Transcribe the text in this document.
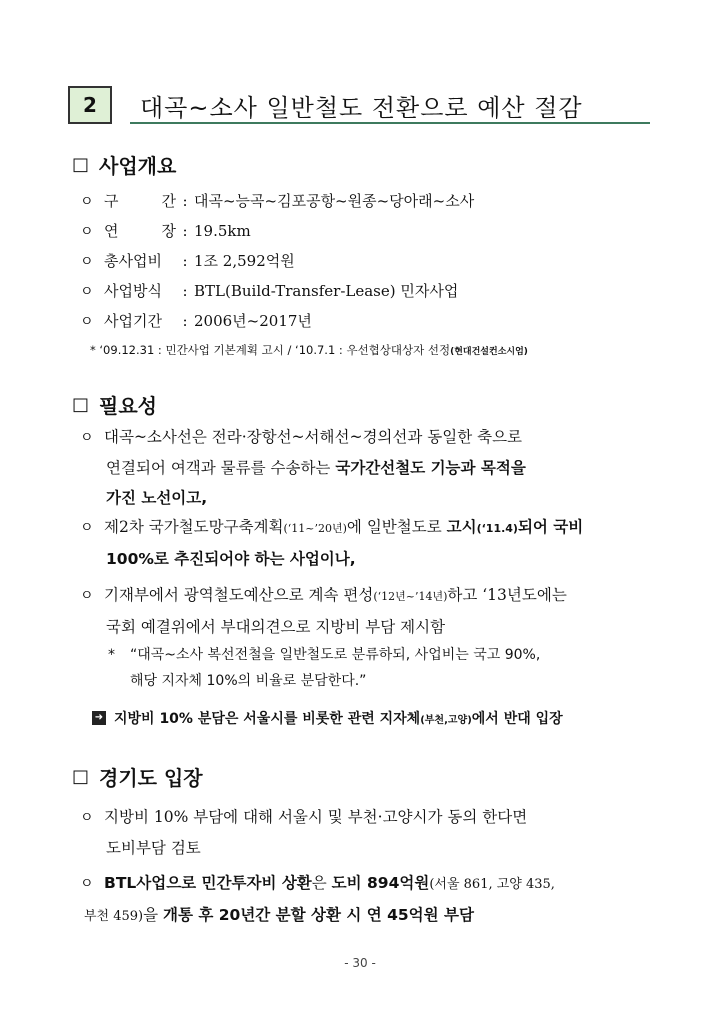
2	대곡~소사 일반철도 전환으로 예산 절감
□ 사업개요
ㅇ 구 간 : 대곡~능곡~김포공항~원종~당아래~소사
ㅇ 연 장 : 19.5km
ㅇ 총사업비	: 1조 2,592억원
ㅇ 사업방식	: BTL(Build-Transfer-Lease) 민자사업
ㅇ 사업기간	: 2006년~2017년
* ‘09.12.31 : 민간사업 기본계획 고시 / ‘10.7.1 : 우선협상대상자 선정(현대건설컨소시엄)
□ 필요성
ㅇ 대곡~소사선은 전라·장항선~서해선~경의선과 동일한 축으로
연결되어 여객과 물류를 수송하는 국가간선철도 기능과 목적을
가진 노선이고,
ㅇ 제2차 국가철도망구축계획(‘11~’20년)에 일반철도로 고시(‘11.4)되어 국비
100%로 추진되어야 하는 사업이나,
ㅇ 기재부에서 광역철도예산으로 계속 편성(‘12년~’14년)하고 ‘13년도에는
국회 예결위에서 부대의견으로 지방비 부담 제시함
* “대곡~소사 복선전철을 일반철도로 분류하되, 사업비는 국고 90%,
해당 지자체 10%의 비율로 분담한다.”
➜ 지방비 10% 분담은 서울시를 비롯한 관련 지자체 (부천,고양) 에서 반대 입장
□ 경기도 입장
ㅇ 지방비 10% 부담에 대해 서울시 및 부천·고양시가 동의 한다면
도비부담 검토
ㅇ BTL사업으로 민간투자비 상환은 도비 894억원(서울 861, 고양 435,
부천 459)을 개통 후 20년간 분할 상환 시 연 45억원 부담
- 30 -
